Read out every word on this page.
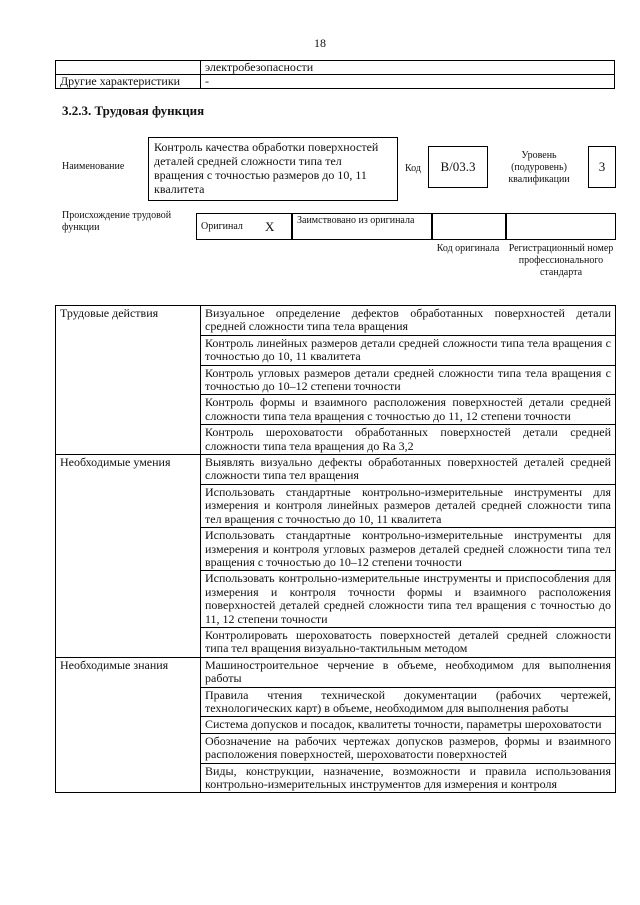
18
	электробезопасности
Другие характеристики	-
3.2.3. Трудовая функция
Наименование
Контроль качества обработки поверхностей деталей средней сложности типа тел вращения с точностью размеров до 10, 11 квалитета
Код	В/03.3
Уровень (подуровень) квалификации
3
Происхождение трудовой функции	Оригинал X Заимствовано из оригинала
Код оригинала Регистрационный номер профессионального стандарта
Трудовые действия	Визуальное определение дефектов обработанных поверхностей детали средней сложности типа тела вращения
	Контроль линейных размеров детали средней сложности типа тела вращения с точностью до 10, 11 квалитета
	Контроль угловых размеров детали средней сложности типа тела вращения с точностью до 10–12 степени точности
	Контроль формы и взаимного расположения поверхностей детали средней сложности типа тела вращения с точностью до 11, 12 степени точности
	Контроль шероховатости обработанных поверхностей детали средней сложности типа тела вращения до Ra 3,2
Необходимые умения	Выявлять визуально дефекты обработанных поверхностей деталей средней сложности типа тел вращения
	Использовать стандартные контрольно-измерительные инструменты для измерения и контроля линейных размеров деталей средней сложности типа тел вращения с точностью до 10, 11 квалитета
	Использовать стандартные контрольно-измерительные инструменты для измерения и контроля угловых размеров деталей средней сложности типа тел вращения с точностью до 10–12 степени точности
	Использовать контрольно-измерительные инструменты и приспособления для измерения и контроля точности формы и взаимного расположения поверхностей деталей средней сложности типа тел вращения с точностью до 11, 12 степени точности
	Контролировать шероховатость поверхностей деталей средней сложности типа тел вращения визуально-тактильным методом
Необходимые знания	Машиностроительное черчение в объеме, необходимом для выполнения работы
	Правила чтения технической документации (рабочих чертежей, технологических карт) в объеме, необходимом для выполнения работы
	Система допусков и посадок, квалитеты точности, параметры шероховатости
	Обозначение на рабочих чертежах допусков размеров, формы и взаимного расположения поверхностей, шероховатости поверхностей
	Виды, конструкции, назначение, возможности и правила использования контрольно-измерительных инструментов для измерения и контроля
